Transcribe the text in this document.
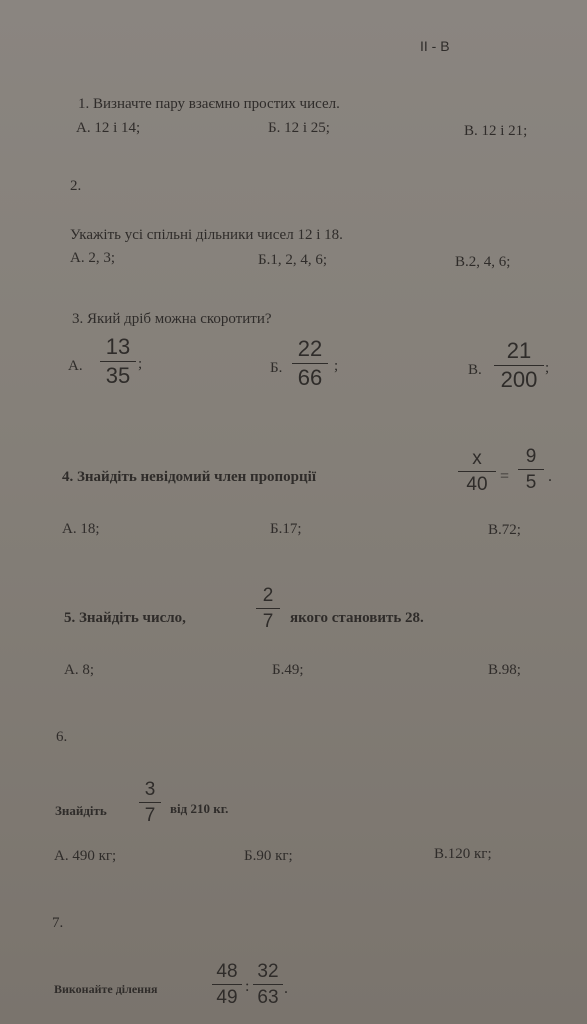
II - B
1. Визначте пару взаємно простих чисел.
А. 12 і 14;	Б. 12 і 25;	В. 12 і 21;
2.
Укажіть усі спільні дільники чисел 12 і 18.
А. 2, 3;	Б.1, 2, 4, 6;	В.2, 4, 6;
3. Який дріб можна скоротити?
А.
13
35 ;	Б.
22
66 ;	В.
21
200 ;
4. Знайдіть невідомий член пропорції
x
40 =
9
5 .
А. 18;	Б.17;	В.72;
5. Знайдіть число,
2
7	якого становить 28.
А. 8;	Б.49;	В.98;
6.
Знайдіть
3
7	від 210 кг.
А. 490 кг;	Б.90 кг;	В.120 кг;
7.
Виконайте ділення
48
49
:
32
63 .
